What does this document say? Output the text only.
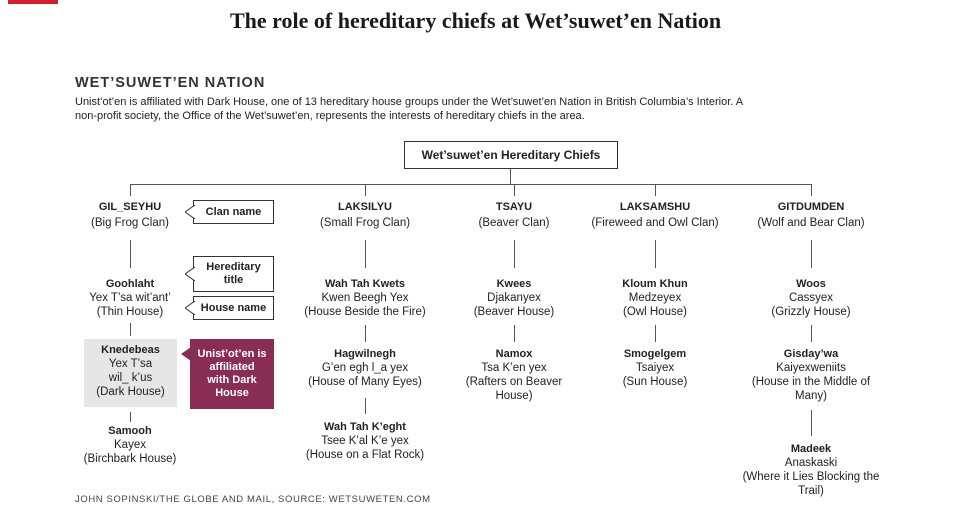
The role of hereditary chiefs at Wet’suwet’en Nation
WET’SUWET’EN NATION
Unist’ot’en is affiliated with Dark House, one of 13 hereditary house groups under the Wet’suwet’en Nation in British Columbia’s Interior. A non-profit society, the Office of the Wet’suwet’en, represents the interests of hereditary chiefs in the area.
Wet’suwet’en Hereditary Chiefs
GIL_SEYHU
(Big Frog Clan)
Goohlaht
Yex T’sa wit’ant’
(Thin House)
Knedebeas
Yex T’sa wil_ k’us
(Dark House)
Samooh
Kayex
(Birchbark House)
Clan name
Hereditary title
House name
Unist’ot’en is affiliated with Dark House
LAKSILYU
(Small Frog Clan)
Wah Tah Kwets
Kwen Beegh Yex
(House Beside the Fire)
Hagwilnegh
G’en egh l_a yex
(House of Many Eyes)
Wah Tah K’eght
Tsee K’al K’e yex
(House on a Flat Rock)
TSAYU
(Beaver Clan)
Kwees
Djakanyex
(Beaver House)
Namox
Tsa K’en yex
(Rafters on Beaver House)
LAKSAMSHU
(Fireweed and Owl Clan)
Kloum Khun
Medzeyex
(Owl House)
Smogelgem
Tsaiyex
(Sun House)
GITDUMDEN
(Wolf and Bear Clan)
Woos
Cassyex
(Grizzly House)
Gisday’wa
Kaiyexweniits
(House in the Middle of Many)
Madeek
Anaskaski
(Where it Lies Blocking the Trail)
JOHN SOPINSKI/THE GLOBE AND MAIL, SOURCE: WETSUWETEN.COM
